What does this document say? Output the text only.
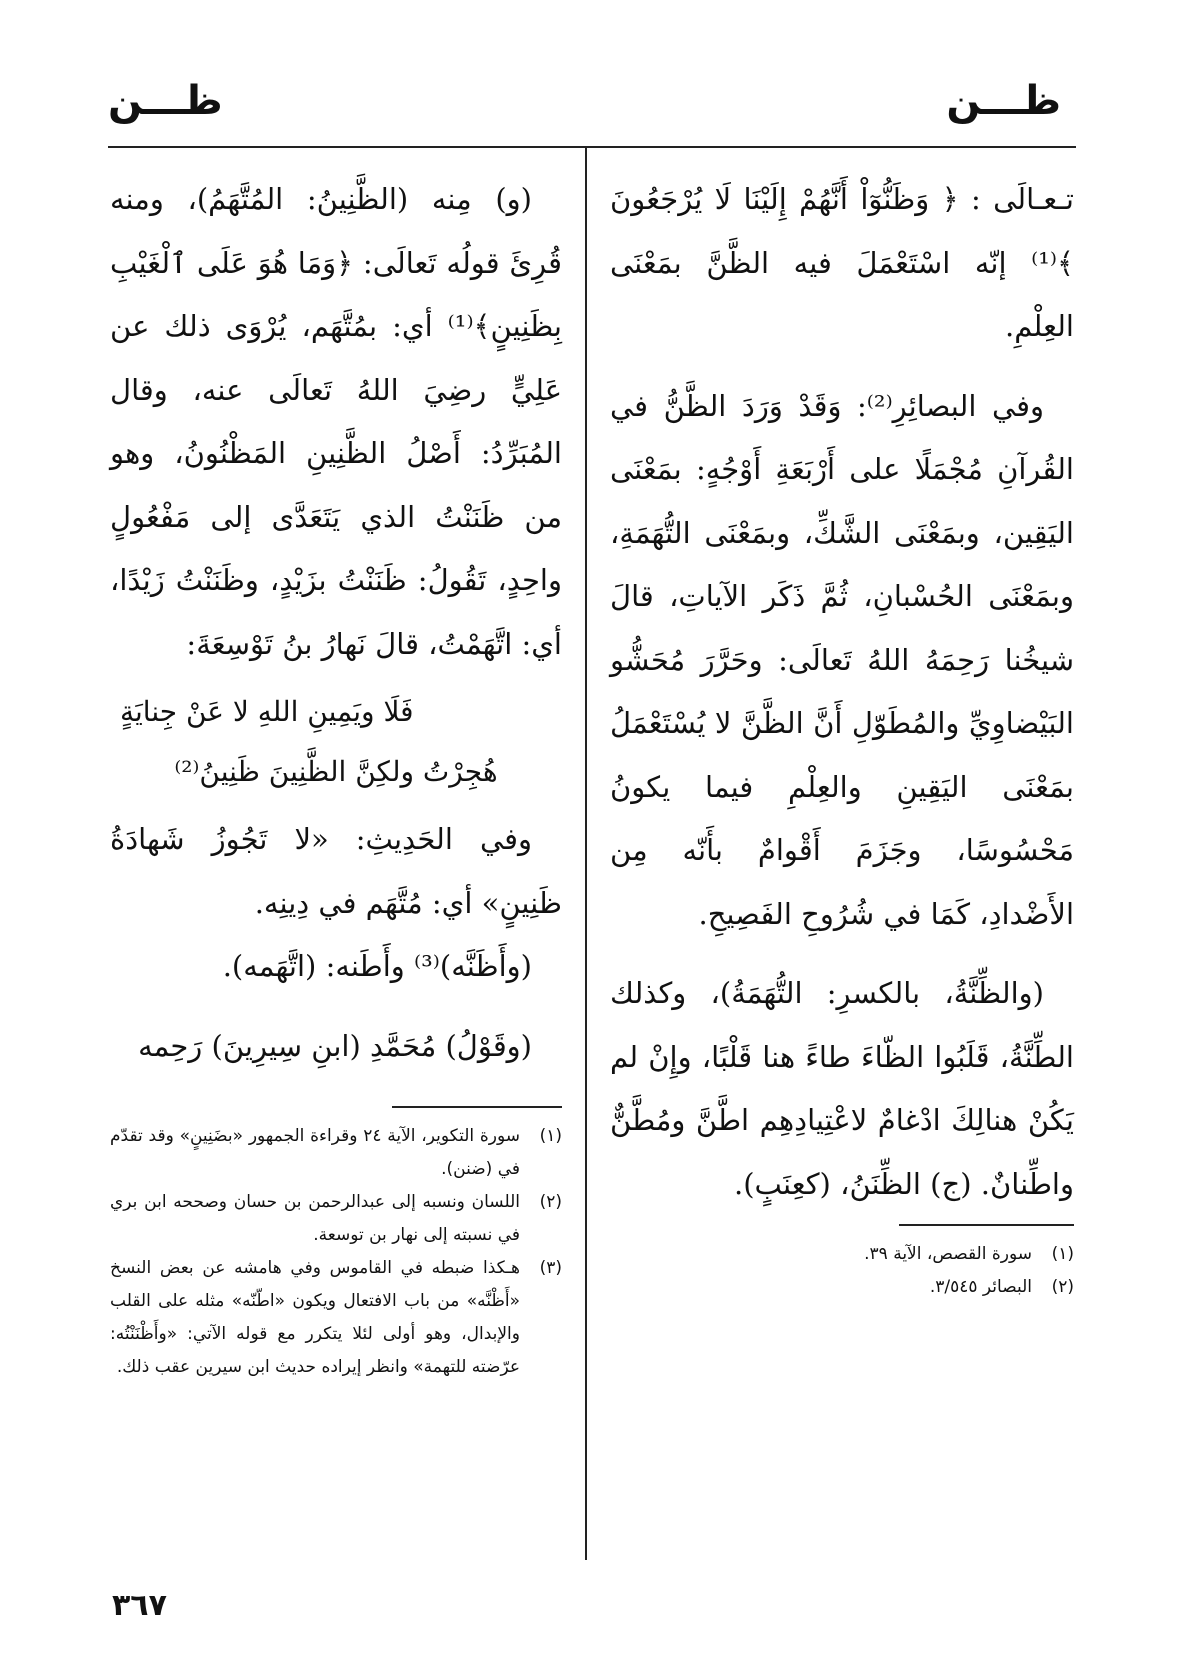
ظـــن
ظـــن

تـعـالَى : ﴿ وَظَنُّوٓاْ أَنَّهُمْ إِلَيْنَا لَا يُرْجَعُونَ ﴾⁽¹⁾ إنّه اسْتَعْمَلَ فيه الظَّنَّ بمَعْنَى العِلْمِ.

وفي البصائِرِ⁽²⁾: وَقَدْ وَرَدَ الظَّنُّ في القُرآنِ مُجْمَلًا على أَرْبَعَةِ أَوْجُهٍ: بمَعْنَى اليَقِين، وبمَعْنَى الشَّكِّ، وبمَعْنَى التُّهَمَةِ، وبمَعْنَى الحُسْبانِ، ثُمَّ ذَكَر الآياتِ، قالَ شيخُنا رَحِمَهُ اللهُ تَعالَى: وحَرَّرَ مُحَشُّو البَيْضاوِيِّ والمُطَوّلِ أَنَّ الظَّنَّ لا يُسْتَعْمَلُ بمَعْنَى اليَقِينِ والعِلْمِ فيما يكونُ مَحْسُوسًا، وجَزَمَ أَقْوامٌ بأَنّه مِن الأَضْدادِ، كَمَا في شُرُوحِ الفَصِيحِ.

(والظِّنَّةُ، بالكسرِ: التُّهَمَةُ)، وكذلك الطِّنَّةُ، قَلَبُوا الظّاءَ طاءً هنا قَلْبًا، وإِنْ لم يَكُنْ هنالِكَ ادْغامٌ لاعْتِيادِهِم اطَّنَّ ومُطَّنٌّ واطِّنانٌ. (ج) الظِّنَنُ، (كعِنَبٍ).

(١)
سورة القصص، الآية ٣٩.
(٢)
البصائر ٣/٥٤٥.

(و) مِنه (الظَّنِينُ: المُتَّهَمُ)، ومنه قُرِئَ قولُه تَعالَى: ﴿وَمَا هُوَ عَلَى ٱلْغَيْبِ بِظَنِينٍ﴾⁽¹⁾ أي: بمُتَّهَم، يُرْوَى ذلك عن عَلِيٍّ رضِيَ اللهُ تَعالَى عنه، وقال المُبَرِّدُ: أَصْلُ الظَّنِينِ المَظْنُونُ، وهو من ظَنَنْتُ الذي يَتَعَدَّى إلى مَفْعُولٍ واحِدٍ، تَقُولُ: ظَنَنْتُ بزَيْدٍ، وظَنَنْتُ زَيْدًا، أي: اتَّهَمْتُ، قالَ نَهارُ بنُ تَوْسِعَةَ:

فَلَا ويَمِينِ اللهِ لا عَنْ جِنايَةٍ
هُجِرْتُ ولكِنَّ الظَّنِينَ ظَنِينُ⁽²⁾

وفي الحَدِيثِ: «لا تَجُوزُ شَهادَةُ ظَنِينٍ» أي: مُتَّهَم في دِينِه.

(وأَظَنَّه)⁽³⁾ وأَطَنه: (اتَّهَمه).

(وقَوْلُ) مُحَمَّدِ (ابنِ سِيرِينَ) رَحِمه

(١)
سورة التكوير، الآية ٢٤ وقراءة الجمهور «بضَنِينٍ» وقد تقدّم في (ضنن).
(٢)
اللسان ونسبه إلى عبدالرحمن بن حسان وصححه ابن بري في نسبته إلى نهار بن توسعة.
(٣)
هـكذا ضبطه في القاموس وفي هامشه عن بعض النسخ «أَظْنَّه» من باب الافتعال ويكون «اطّنّه» مثله على القلب والإبدال، وهو أولى لئلا يتكرر مع قوله الآتي: «وأَظْنَنْتُه: عرّضته للتهمة» وانظر إيراده حديث ابن سيرين عقب ذلك.
٣٦٧
